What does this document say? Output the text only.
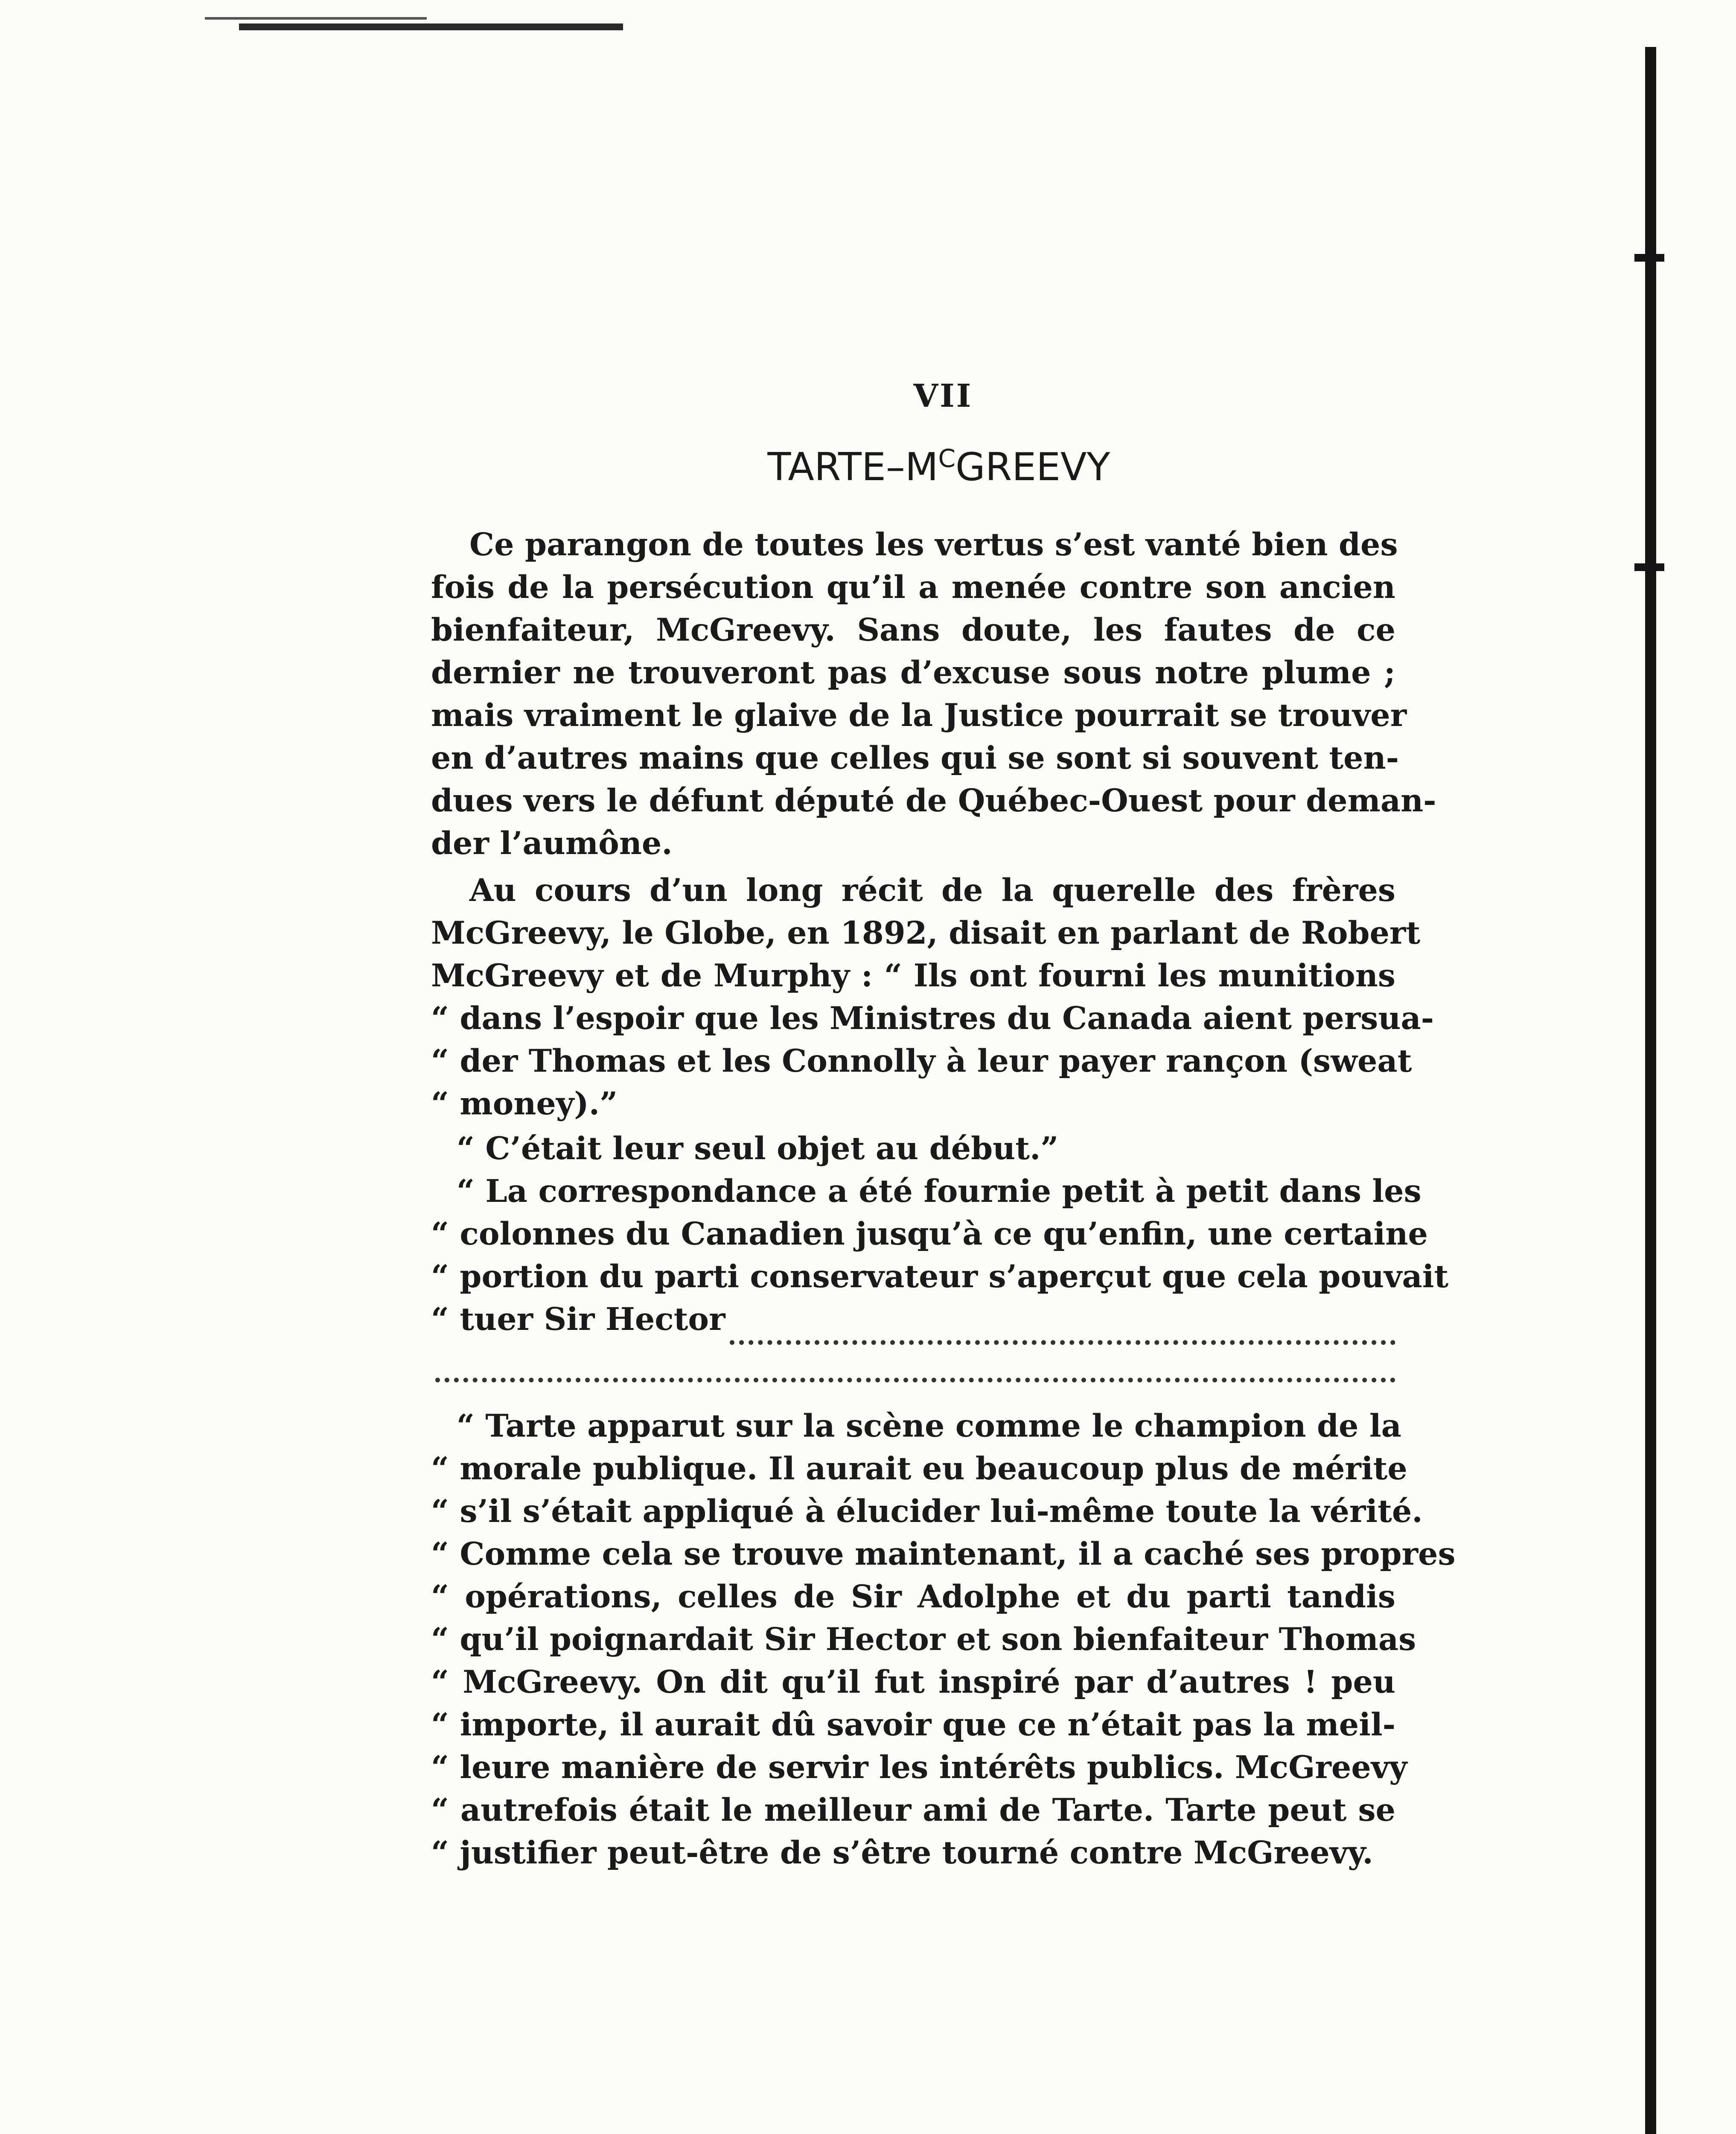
VII
TARTE–$M^CGREEVY$
Ce parangon de toutes les vertus s’est vanté bien des
fois de la persécution qu’il a menée contre son ancien
bienfaiteur, McGreevy. Sans doute, les fautes de ce
dernier ne trouveront pas d’excuse sous notre plume ;
mais vraiment le glaive de la Justice pourrait se trouver
en d’autres mains que celles qui se sont si souvent ten-
dues vers le défunt député de Québec-Ouest pour deman-
der l’aumône.
Au cours d’un long récit de la querelle des frères
McGreevy, le Globe, en 1892, disait en parlant de Robert
McGreevy et de Murphy : “ Ils ont fourni les munitions
“ dans l’espoir que les Ministres du Canada aient persua-
“ der Thomas et les Connolly à leur payer rançon (sweat
“ money).”
“ C’était leur seul objet au début.”
“ La correspondance a été fournie petit à petit dans les
“ colonnes du Canadien jusqu’à ce qu’enfin, une certaine
“ portion du parti conservateur s’aperçut que cela pouvait
“ tuer Sir Hector
“ Tarte apparut sur la scène comme le champion de la
“ morale publique. Il aurait eu beaucoup plus de mérite
“ s’il s’était appliqué à élucider lui-même toute la vérité.
“ Comme cela se trouve maintenant, il a caché ses propres
“ opérations, celles de Sir Adolphe et du parti tandis
“ qu’il poignardait Sir Hector et son bienfaiteur Thomas
“ McGreevy. On dit qu’il fut inspiré par d’autres ! peu
“ importe, il aurait dû savoir que ce n’était pas la meil-
“ leure manière de servir les intérêts publics. McGreevy
“ autrefois était le meilleur ami de Tarte. Tarte peut se
“ justifier peut-être de s’être tourné contre McGreevy.
